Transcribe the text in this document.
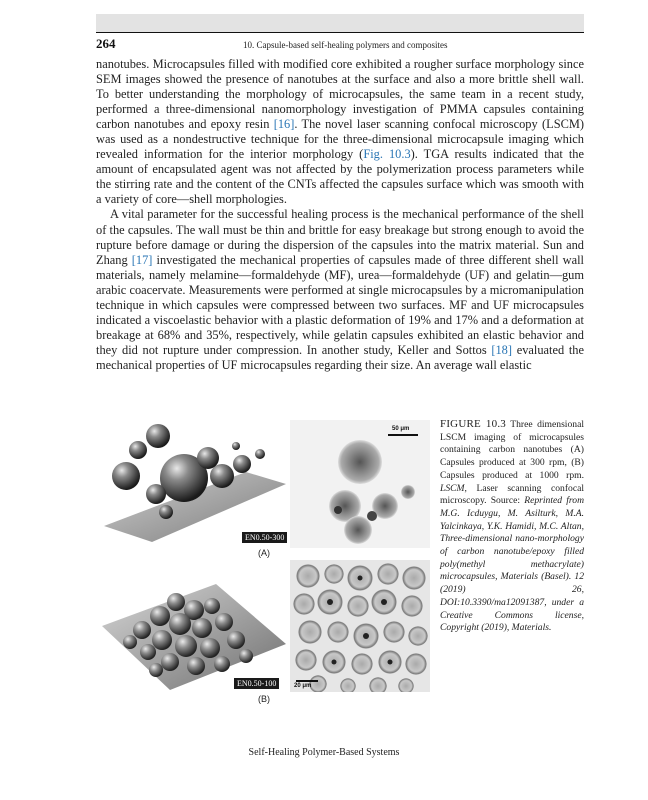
264	10. Capsule-based self-healing polymers and composites

nanotubes. Microcapsules filled with modified core exhibited a rougher surface morphology since SEM images showed the presence of nanotubes at the surface and also a more brittle shell wall. To better understanding the morphology of microcapsules, the same team in a recent study, performed a three-dimensional nanomorphology investigation of PMMA capsules containing carbon nanotubes and epoxy resin [16]. The novel laser scanning confocal microscopy (LSCM) was used as a nondestructive technique for the three-dimensional microcapsule imaging which revealed information for the interior morphology (Fig. 10.3). TGA results indicated that the amount of encapsulated agent was not affected by the polymerization process parameters while the stirring rate and the content of the CNTs affected the capsules surface which was smooth with a variety of core—shell morphologies.

A vital parameter for the successful healing process is the mechanical performance of the shell of the capsules. The wall must be thin and brittle for easy breakage but strong enough to avoid the rupture before damage or during the dispersion of the capsules into the matrix material. Sun and Zhang [17] investigated the mechanical properties of capsules made of three different shell wall materials, namely melamine—formaldehyde (MF), urea—formaldehyde (UF) and gelatin—gum arabic coacervate. Measurements were performed at single microcapsules by a micromanipulation technique in which capsules were compressed between two surfaces. MF and UF microcapsules indicated a viscoelastic behavior with a plastic deformation of 19% and 17% and a deformation at breakage at 68% and 35%, respectively, while gelatin capsules exhibited an elastic behavior and they did not rupture under compression. In another study, Keller and Sottos [18] evaluated the mechanical properties of UF microcapsules regarding their size. An average wall elastic

EN0.50-300
50 μm
(A)
EN0.50-100	20 μm
(B)
FIGURE 10.3 Three dimensional LSCM imaging of microcapsules containing carbon nanotubes (A) Capsules produced at 300 rpm, (B) Capsules produced at 1000 rpm. LSCM, Laser scanning confocal microscopy. Source: Reprinted from M.G. Icduygu, M. Asilturk, M.A. Yalcinkaya, Y.K. Hamidi, M.C. Altan, Three-dimensional nano-morphology of carbon nanotube/epoxy filled poly(methyl methacrylate) microcapsules, Materials (Basel). 12 (2019) 26, DOI:10.3390/ma12091387, under a Creative Commons license, Copyright (2019), Materials.
Self-Healing Polymer-Based Systems
